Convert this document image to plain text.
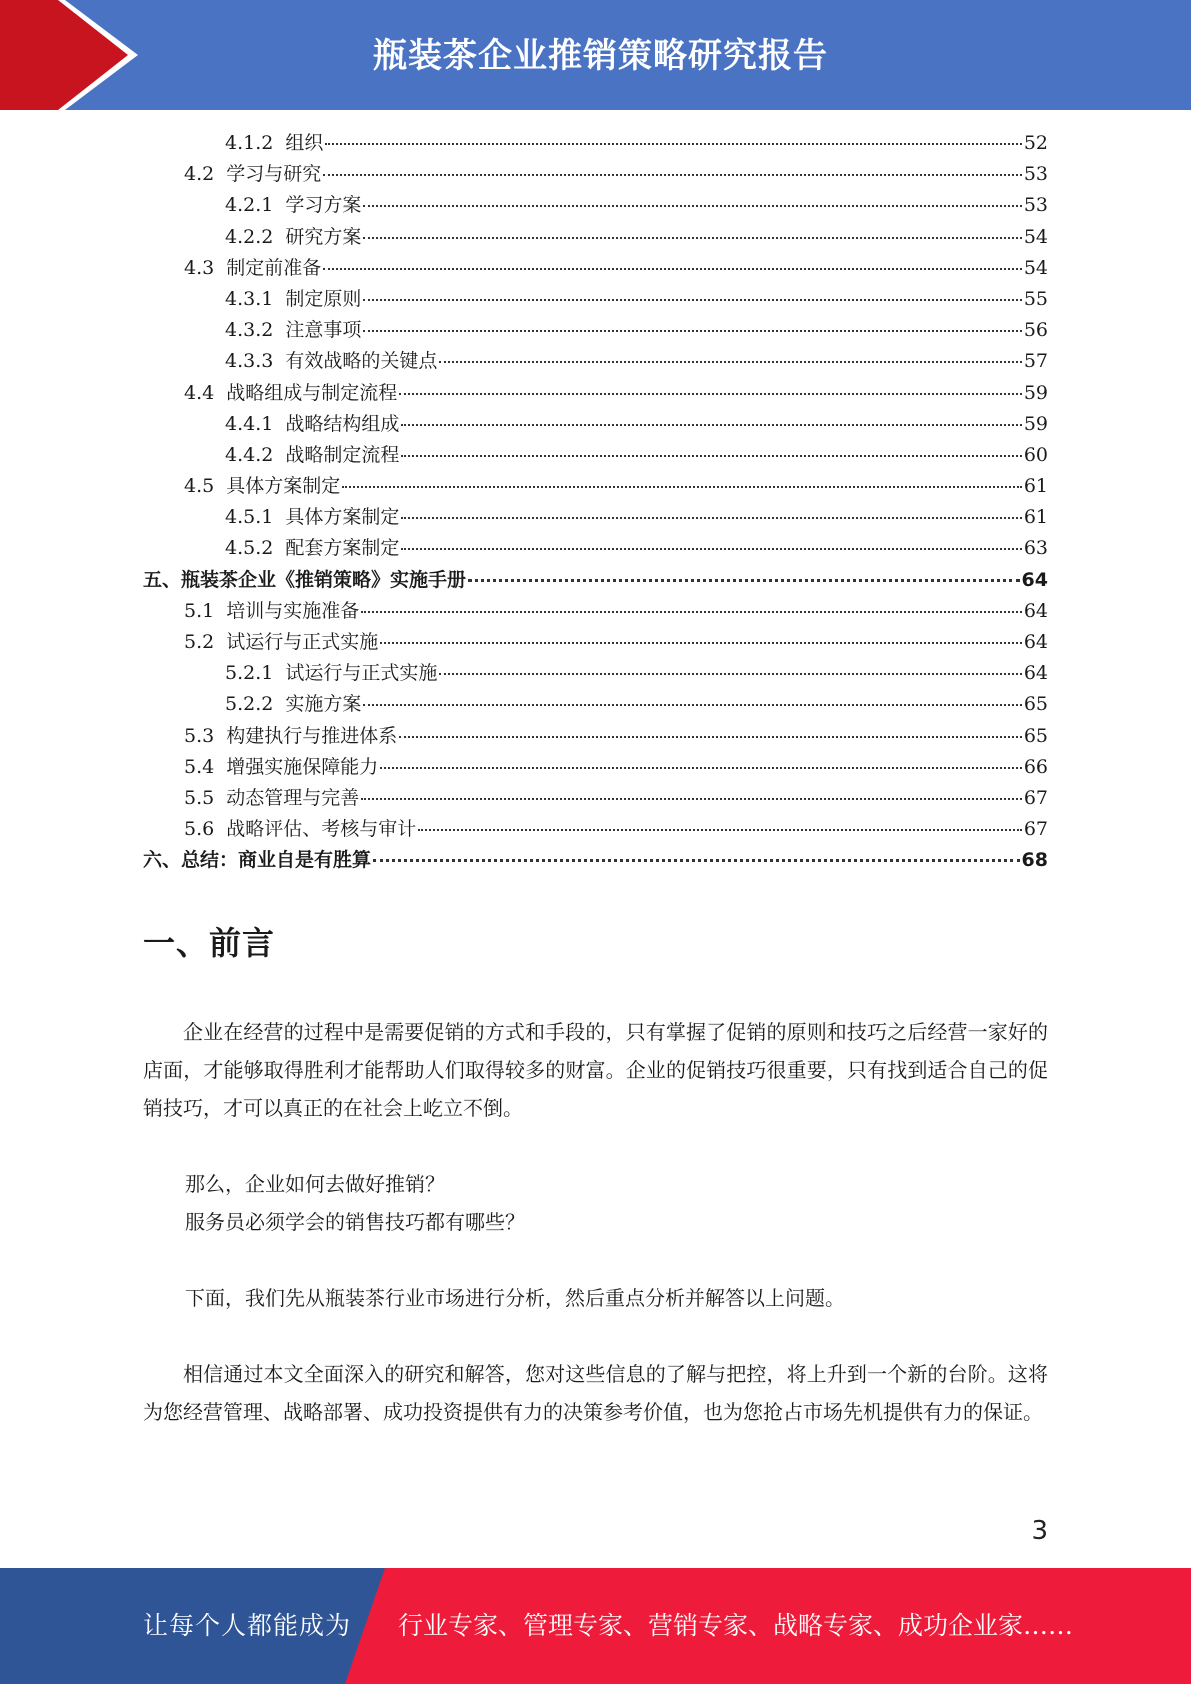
瓶装茶企业推销策略研究报告
4.1.2 组织	52
4.2 学习与研究	53
4.2.1 学习方案	53
4.2.2 研究方案	54
4.3 制定前准备	54
4.3.1 制定原则	55
4.3.2 注意事项	56
4.3.3 有效战略的关键点	57
4.4 战略组成与制定流程	59
4.4.1 战略结构组成	59
4.4.2 战略制定流程	60
4.5 具体方案制定	61
4.5.1 具体方案制定	61
4.5.2 配套方案制定	63
五、 瓶装茶企业《推销策略》实施手册	64
5.1 培训与实施准备	64
5.2 试运行与正式实施	64
5.2.1 试运行与正式实施	64
5.2.2 实施方案	65
5.3 构建执行与推进体系	65
5.4 增强实施保障能力	66
5.5 动态管理与完善	67
5.6 战略评估、考核与审计	67
六、 总结：商业自是有胜算	68
一、前言
企业在经营的过程中是需要促销的方式和手段的，只有掌握了促销的原则和技巧之后经营一家好的店面，才能够取得胜利才能帮助人们取得较多的财富。企业的促销技巧很重要，只有找到适合自己的促销技巧，才可以真正的在社会上屹立不倒。
那么，企业如何去做好推销？
服务员必须学会的销售技巧都有哪些？
下面，我们先从瓶装茶行业市场进行分析，然后重点分析并解答以上问题。
相信通过本文全面深入的研究和解答，您对这些信息的了解与把控，将上升到一个新的台阶。这将为您经营管理、战略部署、成功投资提供有力的决策参考价值，也为您抢占市场先机提供有力的保证。
3
让每个人都能成为 行业专家、管理专家、营销专家、战略专家、成功企业家……
